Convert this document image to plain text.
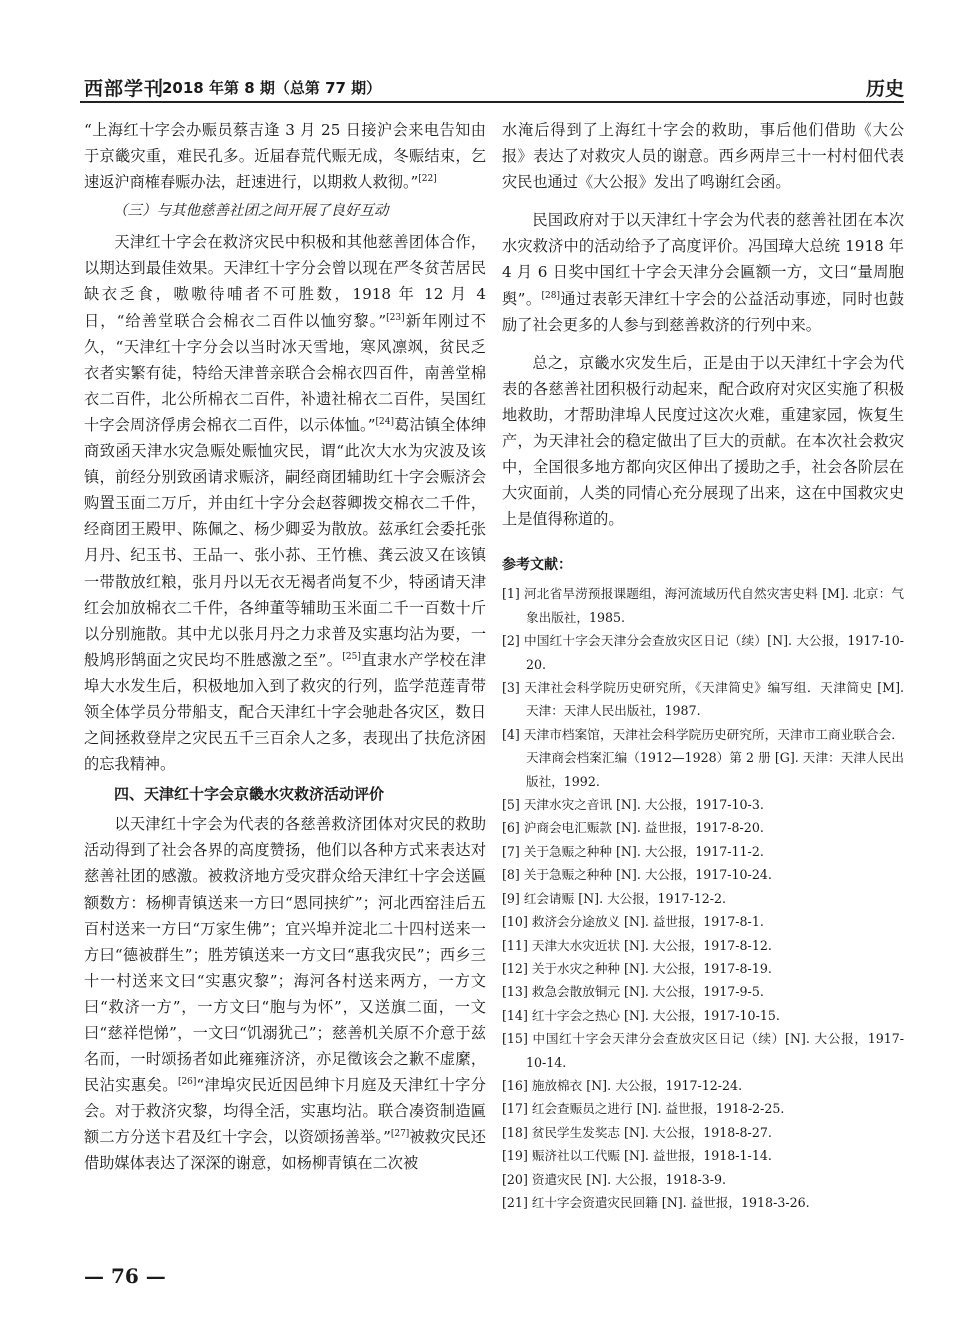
西部学刊
2018 年第 8 期（总第 77 期）	历史

“上海红十字会办赈员蔡吉逢 3 月 25 日接沪会来电告知由于京畿灾重，难民孔多。近届春荒代赈无成，冬赈结束，乞速返沪商榷春赈办法，赶速进行，以期救人救彻。”[22]

（三）与其他慈善社团之间开展了良好互动

天津红十字会在救济灾民中积极和其他慈善团体合作，以期达到最佳效果。天津红十字分会曾以现在严冬贫苦居民缺衣乏食，嗷嗷待哺者不可胜数，1918 年 12 月 4 日，“给善堂联合会棉衣二百件以恤穷黎。”[23]新年刚过不久，“天津红十字分会以当时冰天雪地，寒风凛飒，贫民乏衣者实繁有徒，特给天津普亲联合会棉衣四百件，南善堂棉衣二百件，北公所棉衣二百件，补遗社棉衣二百件，吴国红十字会周济俘虏会棉衣二百件，以示体恤。”[24]葛沽镇全体绅商致函天津水灾急赈处赈恤灾民，谓“此次大水为灾波及该镇，前经分别致函请求赈济，嗣经商团辅助红十字会赈济会购置玉面二万斤，并由红十字分会赵蓉卿拨交棉衣二千件，经商团王殿甲、陈佩之、杨少卿妥为散放。兹承红会委托张月丹、纪玉书、王品一、张小荪、王竹樵、龚云波又在该镇一带散放红粮，张月丹以无衣无褐者尚复不少，特函请天津红会加放棉衣二千件，各绅董等辅助玉米面二千一百数十斤以分别施散。其中尤以张月丹之力求普及实惠均沾为要，一般鸠形鹄面之灾民均不胜感激之至”。[25]直隶水产学校在津埠大水发生后，积极地加入到了救灾的行列，监学范莲青带领全体学员分带船支，配合天津红十字会驰赴各灾区，数日之间拯救登岸之灾民五千三百余人之多，表现出了扶危济困的忘我精神。

四、天津红十字会京畿水灾救济活动评价

以天津红十字会为代表的各慈善救济团体对灾民的救助活动得到了社会各界的高度赞扬，他们以各种方式来表达对慈善社团的感激。被救济地方受灾群众给天津红十字会送匾额数方：杨柳青镇送来一方曰“恩同挟纩”；河北西窑洼后五百村送来一方曰“万家生佛”；宜兴埠并淀北二十四村送来一方曰“德被群生”；胜芳镇送来一方文曰“惠我灾民”；西乡三十一村送来文曰“实惠灾黎”；海河各村送来两方，一方文曰“救济一方”，一方文曰“胞与为怀”，又送旗二面，一文曰“慈祥恺悌”，一文曰“饥溺犹己”；慈善机关原不介意于兹名而，一时颂扬者如此雍雍济济，亦足徵该会之歉不虚縻，民沾实惠矣。[26]“津埠灾民近因邑绅卞月庭及天津红十字分会。对于救济灾黎，均得全活，实惠均沾。联合凑资制造匾额二方分送卞君及红十字会，以资颂扬善举。”[27]被救灾民还借助媒体表达了深深的谢意，如杨柳青镇在二次被

水淹后得到了上海红十字会的救助，事后他们借助《大公报》表达了对救灾人员的谢意。西乡两岸三十一村村佃代表灾民也通过《大公报》发出了鸣谢红会函。

民国政府对于以天津红十字会为代表的慈善社团在本次水灾救济中的活动给予了高度评价。冯国璋大总统 1918 年 4 月 6 日奖中国红十字会天津分会匾额一方，文曰“量周胞舆”。[28]通过表彰天津红十字会的公益活动事迹，同时也鼓励了社会更多的人参与到慈善救济的行列中来。

总之，京畿水灾发生后，正是由于以天津红十字会为代表的各慈善社团积极行动起来，配合政府对灾区实施了积极地救助，才帮助津埠人民度过这次火难，重建家园，恢复生产，为天津社会的稳定做出了巨大的贡献。在本次社会救灾中，全国很多地方都向灾区伸出了援助之手，社会各阶层在大灾面前，人类的同情心充分展现了出来，这在中国救灾史上是值得称道的。

参考文献：

[1] 河北省旱涝预报课题组，海河流域历代自然灾害史料 [M]. 北京：气象出版社，1985.

[2] 中国红十字会天津分会查放灾区日记（续）[N]. 大公报，1917-10-20.

[3] 天津社会科学院历史研究所，《天津简史》编写组．天津简史 [M]. 天津：天津人民出版社，1987.

[4] 天津市档案馆，天津社会科学院历史研究所，天津市工商业联合会．天津商会档案汇编（1912—1928）第 2 册 [G]. 天津：天津人民出版社，1992.

[5] 天津水灾之音讯 [N]. 大公报，1917-10-3.

[6] 沪商会电汇赈款 [N]. 益世报，1917-8-20.

[7] 关于急赈之种种 [N]. 大公报，1917-11-2.

[8] 关于急赈之种种 [N]. 大公报，1917-10-24.

[9] 红会请赈 [N]. 大公报，1917-12-2.

[10] 救济会分途放义 [N]. 益世报，1917-8-1.

[11] 天津大水灾近状 [N]. 大公报，1917-8-12.

[12] 关于水灾之种种 [N]. 大公报，1917-8-19.

[13] 救急会散放铜元 [N]. 大公报，1917-9-5.

[14] 红十字会之热心 [N]. 大公报，1917-10-15.

[15] 中国红十字会天津分会查放灾区日记（续）[N]. 大公报，1917-10-14.

[16] 施放棉衣 [N]. 大公报，1917-12-24.

[17] 红会查赈员之进行 [N]. 益世报，1918-2-25.

[18] 贫民学生发奖志 [N]. 大公报，1918-8-27.

[19] 赈济社以工代赈 [N]. 益世报，1918-1-14.

[20] 资遣灾民 [N]. 大公报，1918-3-9.

[21] 红十字会资遣灾民回籍 [N]. 益世报，1918-3-26.

— 76 —
